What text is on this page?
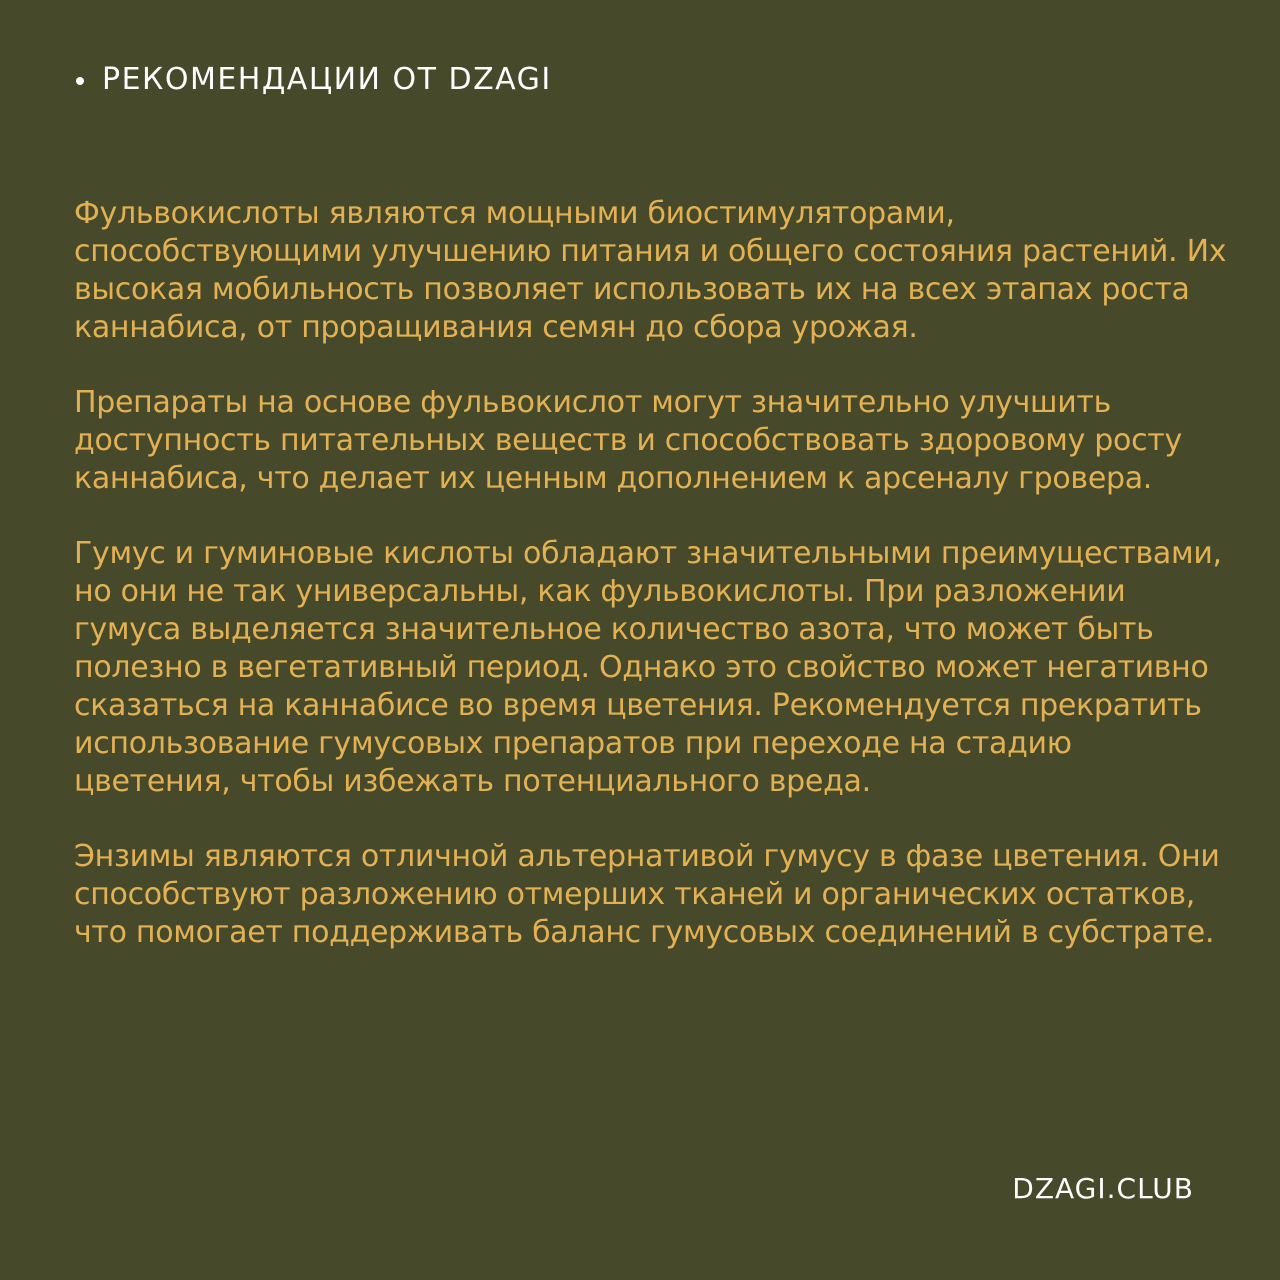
РЕКОМЕНДАЦИИ ОТ DZAGI

Фульвокислоты являются мощными биостимуляторами, способствующими улучшению питания и общего состояния растений. Их высокая мобильность позволяет использовать их на всех этапах роста каннабиса, от проращивания семян до сбора урожая.

Препараты на основе фульвокислот могут значительно улучшить доступность питательных веществ и способствовать здоровому росту каннабиса, что делает их ценным дополнением к арсеналу гровера.

Гумус и гуминовые кислоты обладают значительными преимуществами, но они не так универсальны, как фульвокислоты. При разложении гумуса выделяется значительное количество азота, что может быть полезно в вегетативный период. Однако это свойство может негативно сказаться на каннабисе во время цветения. Рекомендуется прекратить использование гумусовых препаратов при переходе на стадию цветения, чтобы избежать потенциального вреда.

Энзимы являются отличной альтернативой гумусу в фазе цветения. Они способствуют разложению отмерших тканей и органических остатков, что помогает поддерживать баланс гумусовых соединений в субстрате.

DZAGI.CLUB
